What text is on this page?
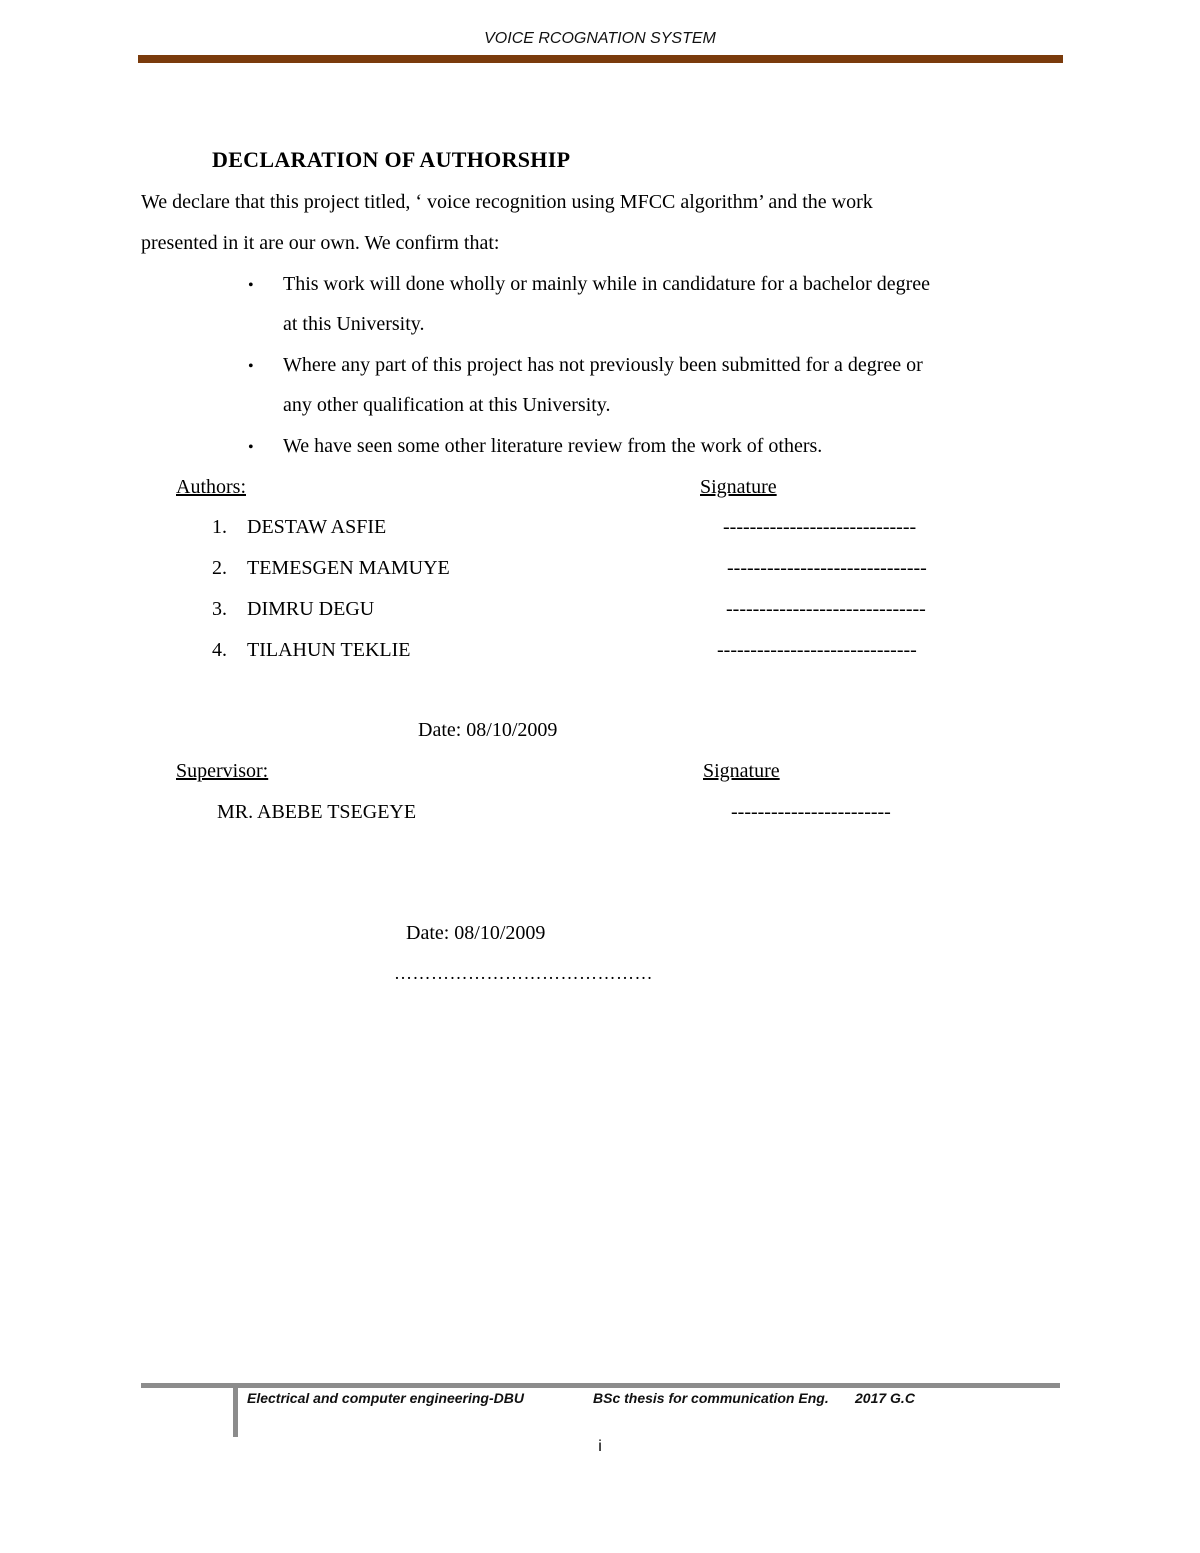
VOICE RCOGNATION SYSTEM
DECLARATION OF AUTHORSHIP
We declare that this project titled, ‘ voice recognition using MFCC algorithm’ and the work
presented in it are our own. We confirm that:
• This work will done wholly or mainly while in candidature for a bachelor degree
at this University.
• Where any part of this project has not previously been submitted for a degree or
any other qualification at this University.
• We have seen some other literature review from the work of others.
Authors:	Signature
1. DESTAW ASFIE	-----------------------------
2. TEMESGEN MAMUYE	------------------------------
3. DIMRU DEGU	------------------------------
4. TILAHUN TEKLIE	------------------------------
Date: 08/10/2009
Supervisor:	Signature
MR. ABEBE TSEGEYE	------------------------
Date: 08/10/2009
……………………………………
Electrical and computer engineering-DBU	BSc thesis for communication Eng. 2017 G.C
i
